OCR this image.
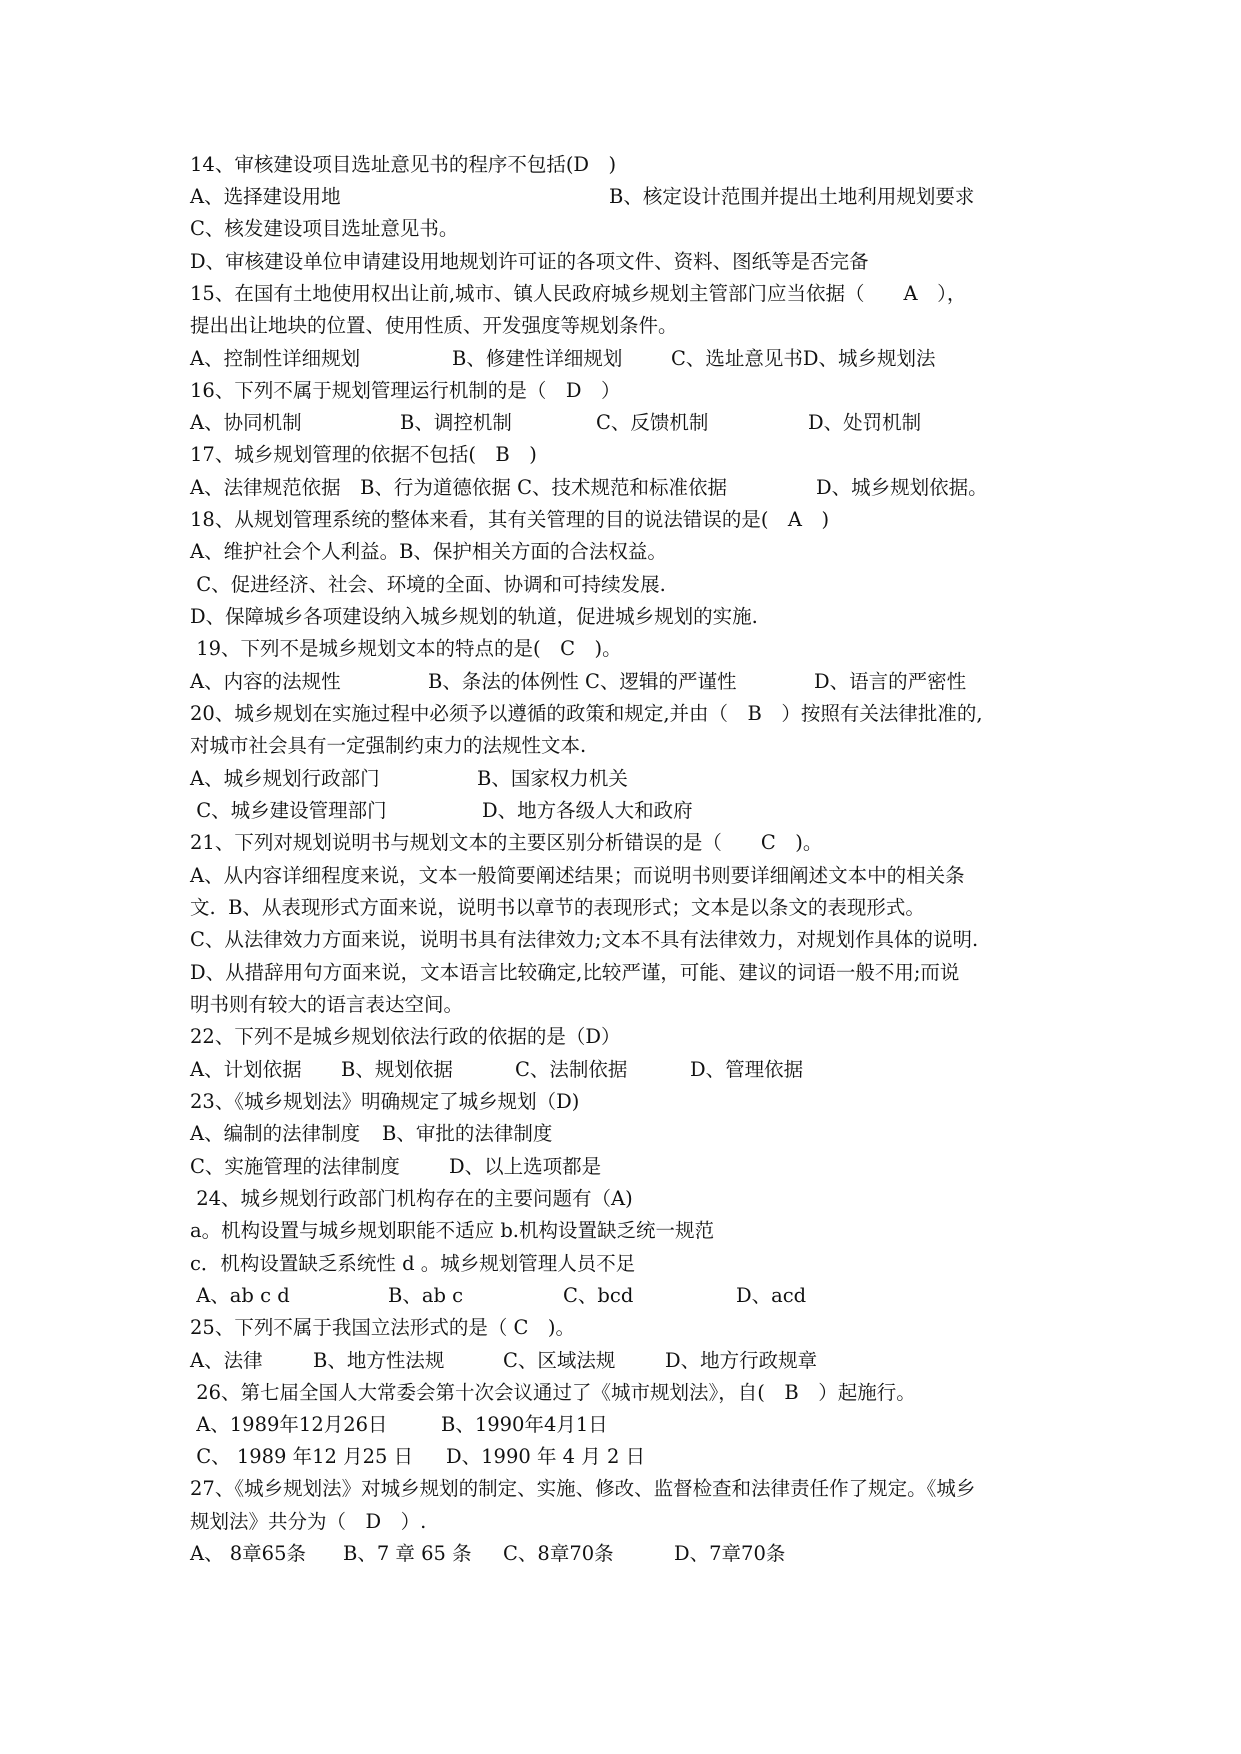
14、审核建设项目选址意见书的程序不包括(D　)
A、选择建设用地	B、核定设计范围并提出土地利用规划要求
C、核发建设项目选址意见书。
D、审核建设单位申请建设用地规划许可证的各项文件、资料、图纸等是否完备
15、在国有土地使用权出让前,城市、镇人民政府城乡规划主管部门应当依据（　　A　），
提出出让地块的位置、使用性质、开发强度等规划条件。
A、控制性详细规划	B、修建性详细规划 C、选址意见书D、城乡规划法
16、下列不属于规划管理运行机制的是（　D　）
A、协同机制	B、调控机制	C、反馈机制	D、处罚机制
17、城乡规划管理的依据不包括(　B　)
A、法律规范依据　B、行为道德依据 C、技术规范和标准依据	D、城乡规划依据。
18、从规划管理系统的整体来看，其有关管理的目的说法错误的是(　A　)
A、维护社会个人利益。B、保护相关方面的合法权益。
C、促进经济、社会、环境的全面、协调和可持续发展.
D、保障城乡各项建设纳入城乡规划的轨道，促进城乡规划的实施.
19、下列不是城乡规划文本的特点的是(　C　)。
A、内容的法规性	B、条法的体例性 C、逻辑的严谨性	D、语言的严密性
20、城乡规划在实施过程中必须予以遵循的政策和规定,并由（　B　）按照有关法律批准的,
对城市社会具有一定强制约束力的法规性文本.
A、城乡规划行政部门	B、国家权力机关
C、城乡建设管理部门	D、地方各级人大和政府
21、下列对规划说明书与规划文本的主要区别分析错误的是（　　C　)。
A、从内容详细程度来说，文本一般简要阐述结果；而说明书则要详细阐述文本中的相关条
文.  B、从表现形式方面来说，说明书以章节的表现形式；文本是以条文的表现形式。
C、从法律效力方面来说，说明书具有法律效力;文本不具有法律效力，对规划作具体的说明.
D、从措辞用句方面来说，文本语言比较确定,比较严谨，可能、建议的词语一般不用;而说
明书则有较大的语言表达空间。
22、下列不是城乡规划依法行政的依据的是（D）
A、计划依据 B、规划依据	C、法制依据	D、管理依据
23、《城乡规划法》明确规定了城乡规划（D)
A、编制的法律制度 B、审批的法律制度
C、实施管理的法律制度	D、以上选项都是
24、城乡规划行政部门机构存在的主要问题有（A)
a。机构设置与城乡规划职能不适应 b.机构设置缺乏统一规范
c．机构设置缺乏系统性 d 。城乡规划管理人员不足
A、ab c d	B、ab c	C、bcd	D、acd
25、下列不属于我国立法形式的是（ C　)。
A、法律	B、地方性法规	C、区域法规	D、地方行政规章
26、第七届全国人大常委会第十次会议通过了《城市规划法》，自(　B　）起施行。
A、1989年12月26日	B、1990年4月1日
C、 1989 年12 月25 日 D、1990 年 4 月 2 日
27、《城乡规划法》对城乡规划的制定、实施、修改、监督检查和法律责任作了规定。《城乡
规划法》共分为（　D　）.
A、 8章65条 B、7 章 65 条 C、8章70条	D、7章70条
